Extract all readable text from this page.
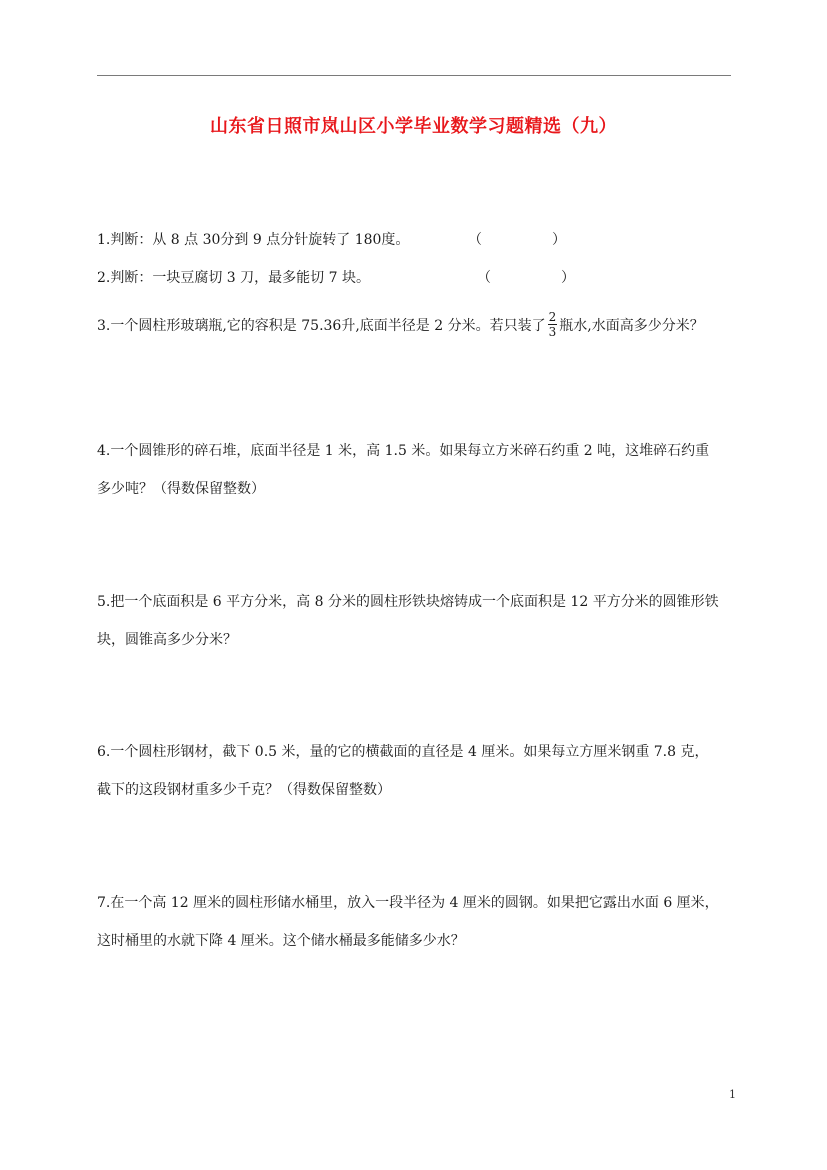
山东省日照市岚山区小学毕业数学习题精选（九）
1.判断：从 8 点 30分到 9 点分针旋转了 180度。	（　　　　　）
2.判断：一块豆腐切 3 刀，最多能切 7 块。	（　　　　　）
3.一个圆柱形玻璃瓶,它的容积是 75.36升,底面半径是 2 分米。若只装了 $\frac{2}{3}$ 瓶水,水面高多少分米？
4.一个圆锥形的碎石堆，底面半径是 1 米，高 1.5 米。如果每立方米碎石约重 2 吨，这堆碎石约重
多少吨？（得数保留整数）
5.把一个底面积是 6 平方分米，高 8 分米的圆柱形铁块熔铸成一个底面积是 12 平方分米的圆锥形铁
块，圆锥高多少分米？
6.一个圆柱形钢材，截下 0.5 米，量的它的横截面的直径是 4 厘米。如果每立方厘米钢重 7.8 克，
截下的这段钢材重多少千克？（得数保留整数）
7.在一个高 12 厘米的圆柱形储水桶里，放入一段半径为 4 厘米的圆钢。如果把它露出水面 6 厘米，
这时桶里的水就下降 4 厘米。这个储水桶最多能储多少水？
1
